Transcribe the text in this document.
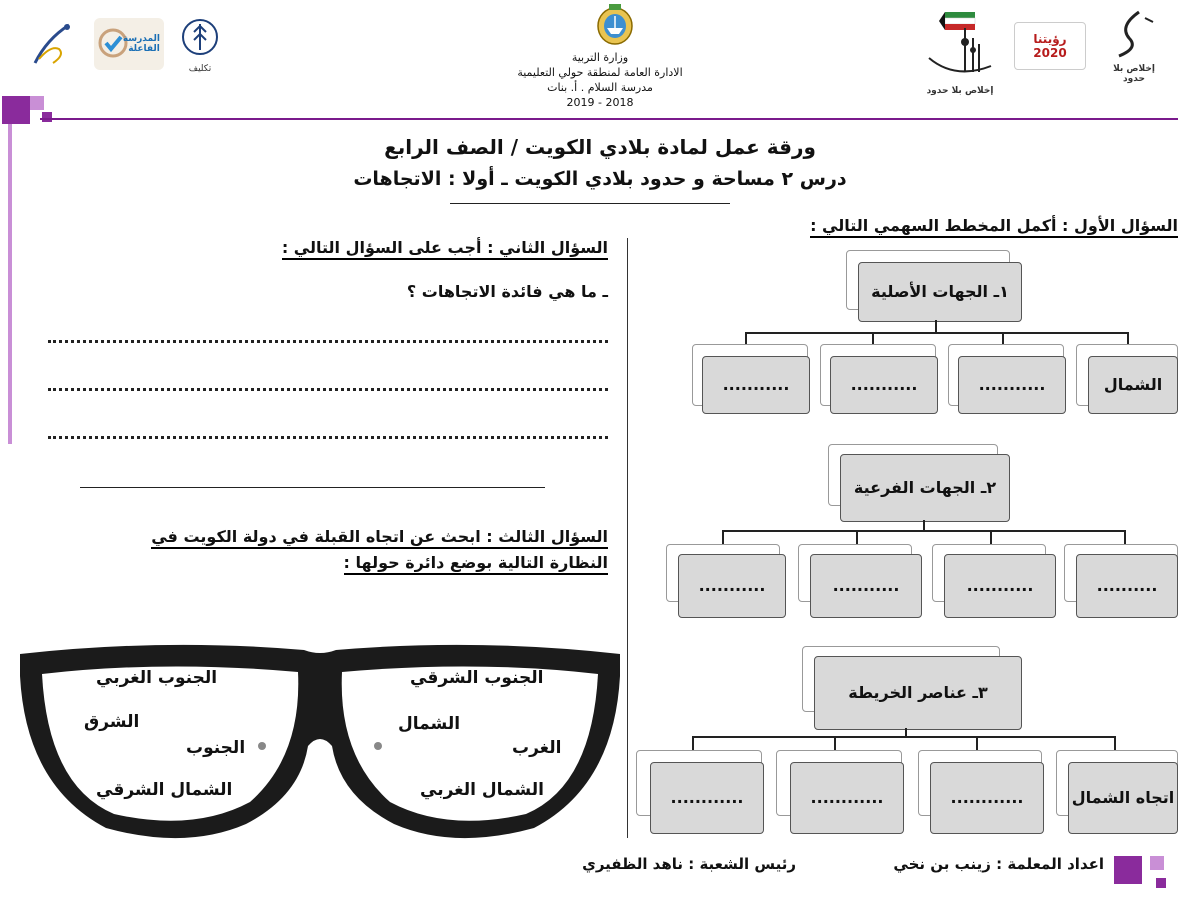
المدرسة الفاعلة
تكليف
وزارة التربية
الادارة العامة لمنطقة حولي التعليمية
مدرسة السلام . أ. بنات
2018 - 2019
إخلاص بلا حدود
رؤيتنا 2020
إخلاص بلا حدود
ورقة عمل لمادة بلادي الكويت / الصف الرابع
درس ٢ مساحة و حدود بلادي الكويت ـ أولا : الاتجاهات
السؤال الأول : أكمل المخطط السهمي التالي :
١ـ الجهات الأصلية
الشمال
...........
...........
...........
٢ـ الجهات الفرعية
..........
...........
...........
...........
٣ـ عناصر الخريطة
اتجاه الشمال
............
............
............
السؤال الثاني : أجب على السؤال التالي :
ـ ما هي فائدة الاتجاهات ؟
السؤال الثالث : ابحث عن اتجاه القبلة في دولة الكويت في
النظارة التالية بوضع دائرة حولها :
الجنوب الشرقي
الشمال
الغرب
الشمال الغربي
الجنوب الغربي
الشرق
الجنوب
الشمال الشرقي
اعداد المعلمة : زينب بن نخي
رئيس الشعبة : ناهد الظفيري
